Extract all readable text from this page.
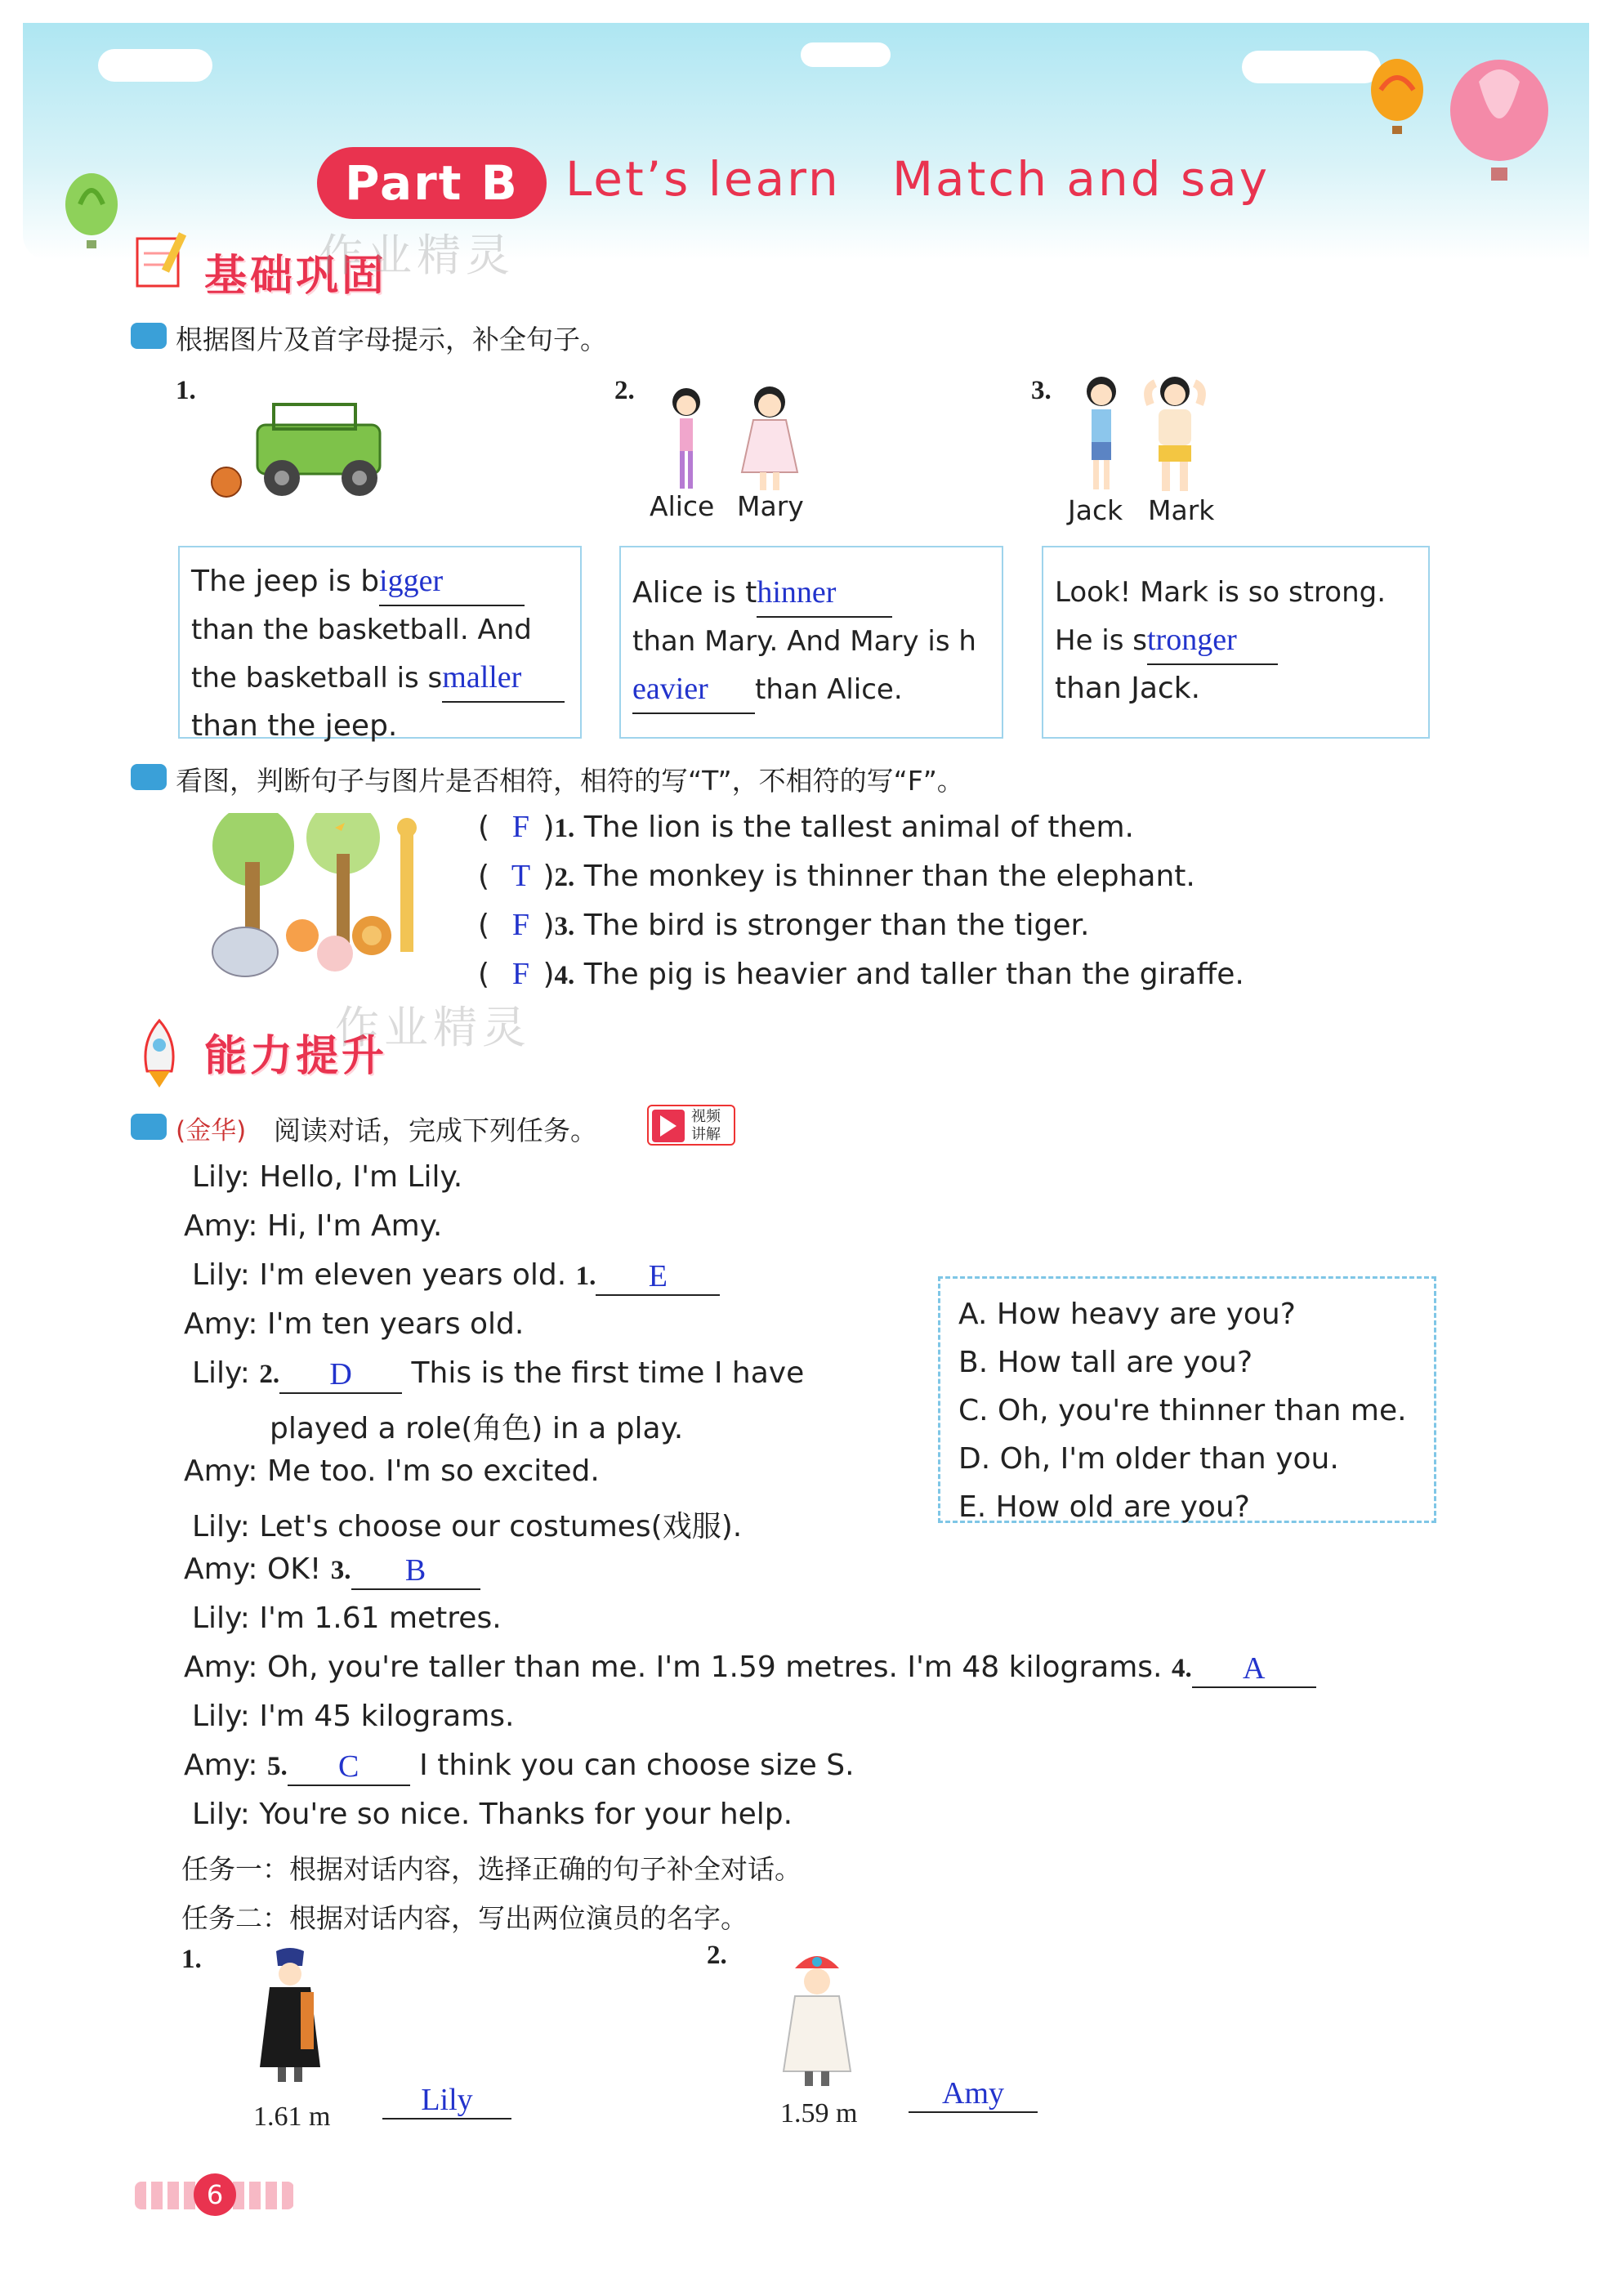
Part B Let’s learn Match and say
基础巩固
作业精灵
根据图片及首字母提示，补全句子。
1.
The jeep is bigger
than the basketball. And the basketball is smaller
than the jeep.
2.
Alice Mary
Alice is thinner
than Mary. And Mary is heavier than Alice.
3.
Jack Mark
Look! Mark is so strong. He is stronger
than Jack.
看图，判断句子与图片是否相符，相符的写“T”，不相符的写“F”。
( F )1. The lion is the tallest animal of them.
( T )2. The monkey is thinner than the elephant.
( F )3. The bird is stronger than the tiger.
( F )4. The pig is heavier and taller than the giraffe.
能力提升
作业精灵
(金华) 阅读对话，完成下列任务。	视频
讲解
Lily: Hello, I'm Lily.
Amy: Hi, I'm Amy.
Lily: I'm eleven years old. 1. E
Amy: I'm ten years old.
Lily: 2. D This is the first time I have
played a role(角色) in a play.
Amy: Me too. I'm so excited.
Lily: Let's choose our costumes(戏服).
Amy: OK! 3. B
Lily: I'm 1.61 metres.
Amy: Oh, you're taller than me. I'm 1.59 metres. I'm 48 kilograms. 4. A
Lily: I'm 45 kilograms.
Amy: 5. C I think you can choose size S.
Lily: You're so nice. Thanks for your help.
A. How heavy are you?
B. How tall are you?
C. Oh, you're thinner than me.
D. Oh, I'm older than you.
E. How old are you?
任务一：根据对话内容，选择正确的句子补全对话。
任务二：根据对话内容，写出两位演员的名字。
1.
1.61 m	Lily
2.
1.59 m
Amy
6
